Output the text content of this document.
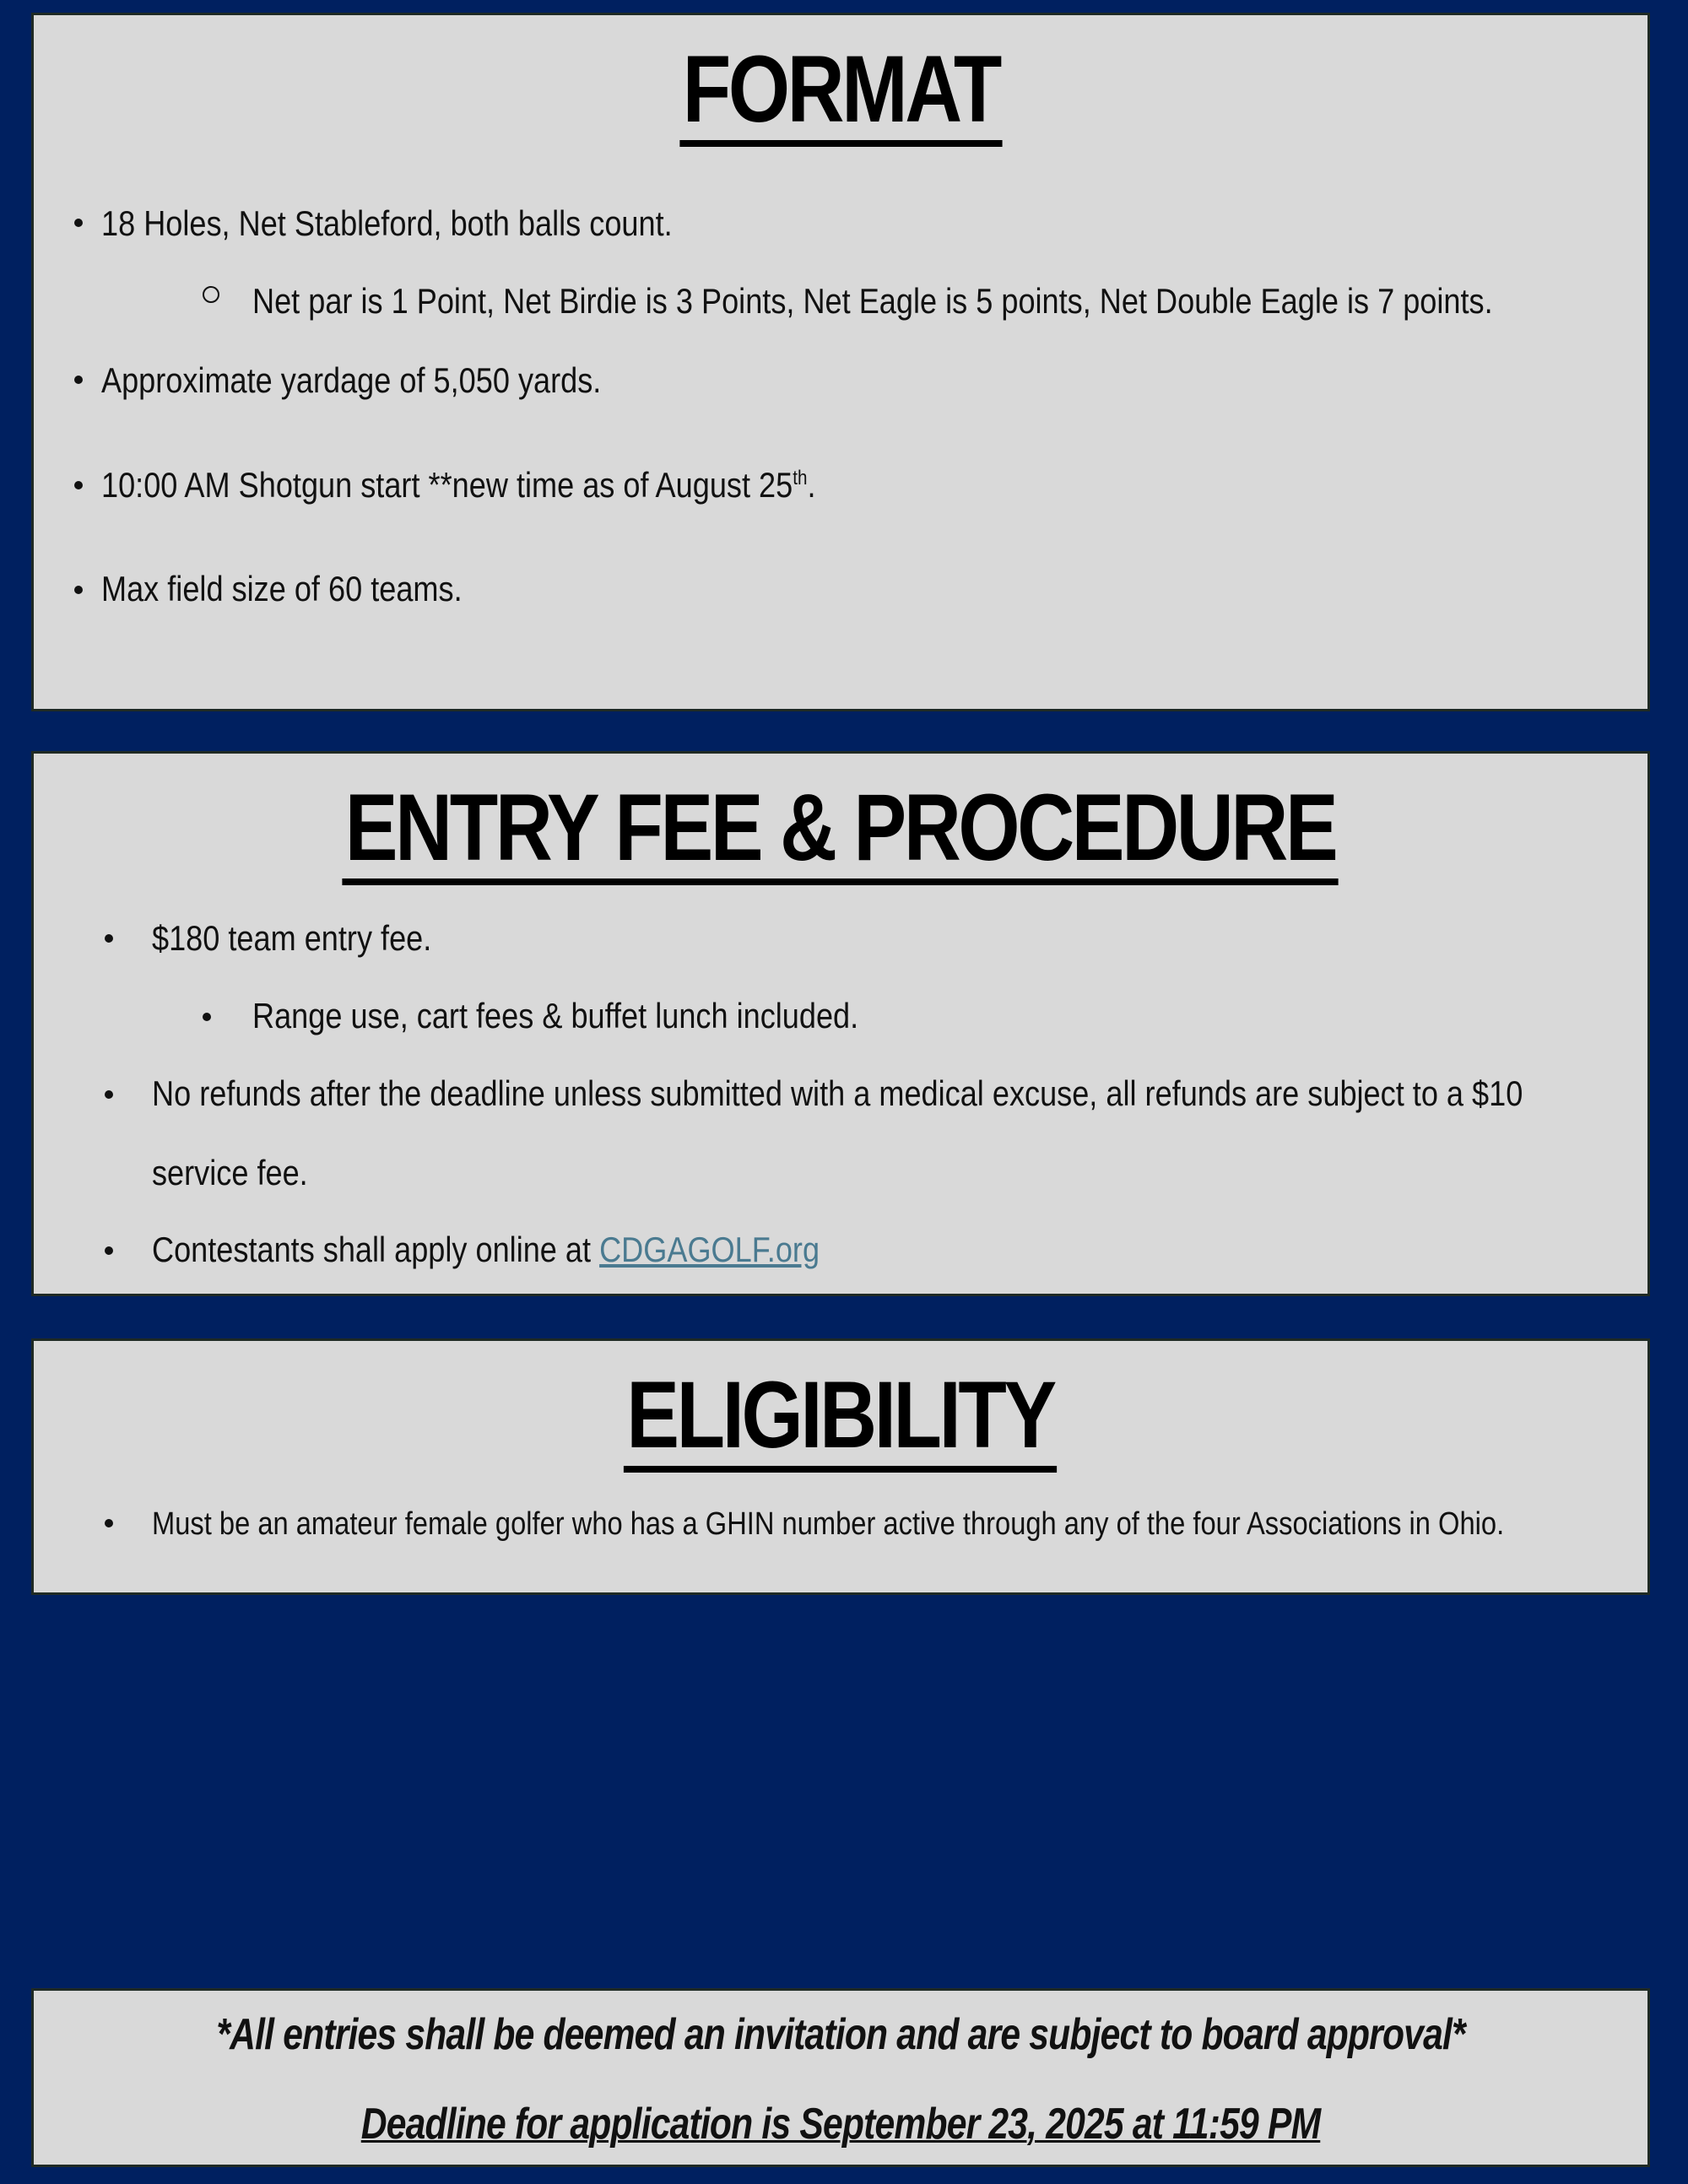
FORMAT
18 Holes, Net Stableford, both balls count.
Net par is 1 Point, Net Birdie is 3 Points, Net Eagle is 5 points, Net Double Eagle is 7 points.
Approximate yardage of 5,050 yards.
10:00 AM Shotgun start **new time as of August 25th.
Max field size of 60 teams.
ENTRY FEE & PROCEDURE
$180 team entry fee.
Range use, cart fees & buffet lunch included.
No refunds after the deadline unless submitted with a medical excuse, all refunds are subject to a $10
service fee.
Contestants shall apply online at CDGAGOLF.org
ELIGIBILITY
Must be an amateur female golfer who has a GHIN number active through any of the four Associations in Ohio.
*All entries shall be deemed an invitation and are subject to board approval*
Deadline for application is September 23, 2025 at 11:59 PM
